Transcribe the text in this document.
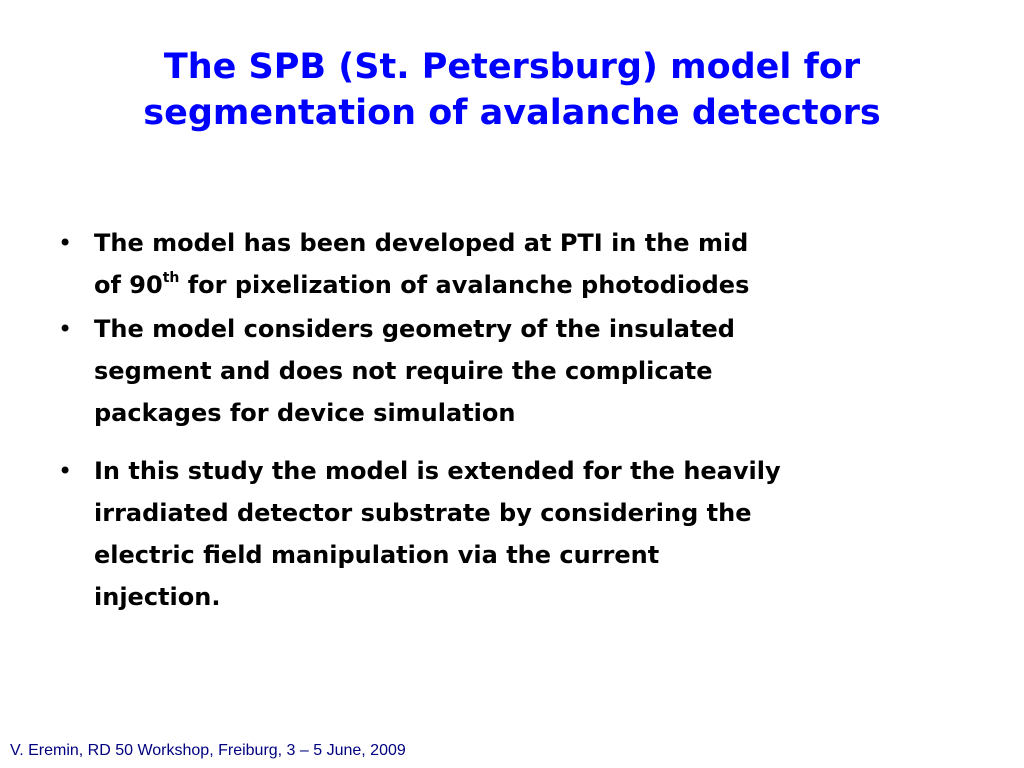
The SPB (St. Petersburg) model for
segmentation of avalanche detectors
• The model has been developed at PTI in the mid
of 90th for pixelization of avalanche photodiodes
• The model considers geometry of the insulated
segment and does not require the complicate
packages for device simulation
• In this study the model is extended for the heavily
irradiated detector substrate by considering the
electric field manipulation via the current
injection.
V. Eremin, RD 50 Workshop, Freiburg, 3 – 5 June, 2009
